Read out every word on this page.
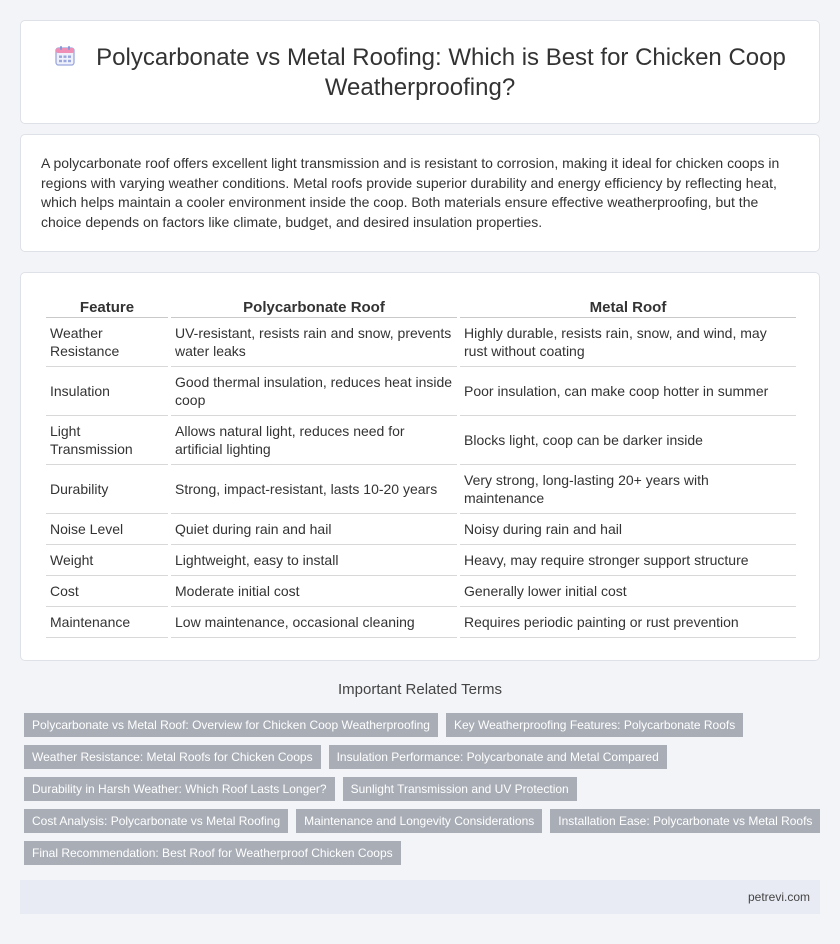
Polycarbonate vs Metal Roofing: Which is Best for Chicken Coop
Weatherproofing?

A polycarbonate roof offers excellent light transmission and is resistant to corrosion, making it ideal for chicken coops in regions with varying weather conditions. Metal roofs provide superior durability and energy efficiency by reflecting heat, which helps maintain a cooler environment inside the coop. Both materials ensure effective weatherproofing, but the choice depends on factors like climate, budget, and desired insulation properties.

Feature	Polycarbonate Roof	Metal Roof
Weather Resistance	UV-resistant, resists rain and snow, prevents water leaks	Highly durable, resists rain, snow, and wind, may rust without coating
Insulation	Good thermal insulation, reduces heat inside coop	Poor insulation, can make coop hotter in summer
Light Transmission	Allows natural light, reduces need for artificial lighting	Blocks light, coop can be darker inside
Durability	Strong, impact-resistant, lasts 10-20 years	Very strong, long-lasting 20+ years with maintenance
Noise Level	Quiet during rain and hail	Noisy during rain and hail
Weight	Lightweight, easy to install	Heavy, may require stronger support structure
Cost	Moderate initial cost	Generally lower initial cost
Maintenance	Low maintenance, occasional cleaning	Requires periodic painting or rust prevention
Important Related Terms
Polycarbonate vs Metal Roof: Overview for Chicken Coop Weatherproofing	Key Weatherproofing Features: Polycarbonate Roofs
Weather Resistance: Metal Roofs for Chicken Coops	Insulation Performance: Polycarbonate and Metal Compared
Durability in Harsh Weather: Which Roof Lasts Longer?	Sunlight Transmission and UV Protection
Cost Analysis: Polycarbonate vs Metal Roofing	Maintenance and Longevity Considerations	Installation Ease: Polycarbonate vs Metal Roofs
Final Recommendation: Best Roof for Weatherproof Chicken Coops
petrevi.com
